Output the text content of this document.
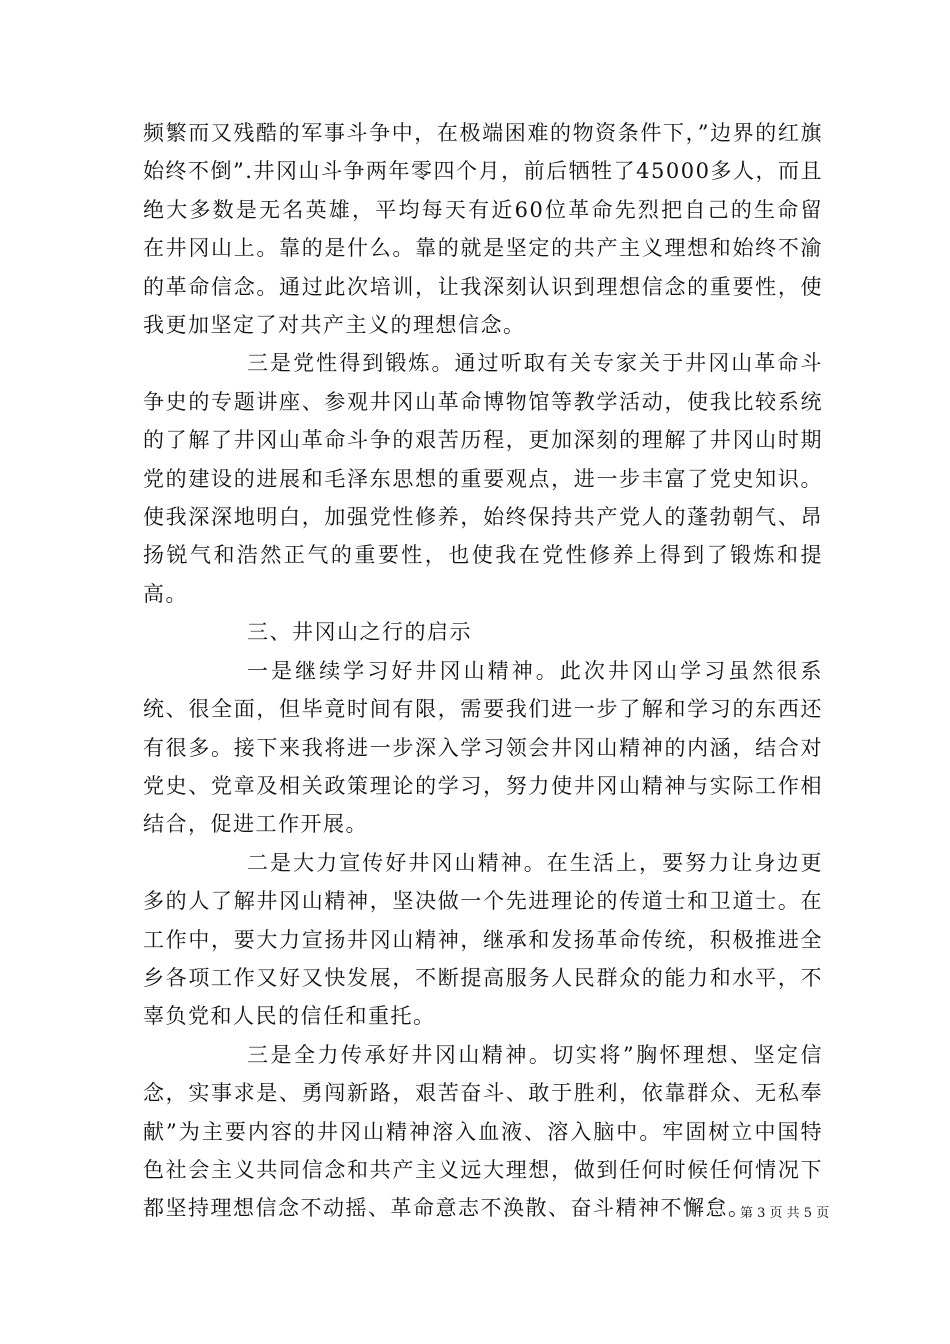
频繁而又残酷的军事斗争中，在极端困难的物资条件下，”边界的红旗始终不倒”.井冈山斗争两年零四个月，前后牺牲了45000多人，而且绝大多数是无名英雄，平均每天有近60位革命先烈把自己的生命留在井冈山上。靠的是什么。靠的就是坚定的共产主义理想和始终不渝的革命信念。通过此次培训，让我深刻认识到理想信念的重要性，使我更加坚定了对共产主义的理想信念。

三是党性得到锻炼。通过听取有关专家关于井冈山革命斗争史的专题讲座、参观井冈山革命博物馆等教学活动，使我比较系统的了解了井冈山革命斗争的艰苦历程，更加深刻的理解了井冈山时期党的建设的进展和毛泽东思想的重要观点，进一步丰富了党史知识。使我深深地明白，加强党性修养，始终保持共产党人的蓬勃朝气、昂扬锐气和浩然正气的重要性，也使我在党性修养上得到了锻炼和提高。

三、井冈山之行的启示

一是继续学习好井冈山精神。此次井冈山学习虽然很系统、很全面，但毕竟时间有限，需要我们进一步了解和学习的东西还有很多。接下来我将进一步深入学习领会井冈山精神的内涵，结合对党史、党章及相关政策理论的学习，努力使井冈山精神与实际工作相结合，促进工作开展。

二是大力宣传好井冈山精神。在生活上，要努力让身边更多的人了解井冈山精神，坚决做一个先进理论的传道士和卫道士。在工作中，要大力宣扬井冈山精神，继承和发扬革命传统，积极推进全乡各项工作又好又快发展，不断提高服务人民群众的能力和水平，不辜负党和人民的信任和重托。

三是全力传承好井冈山精神。切实将”胸怀理想、坚定信念，实事求是、勇闯新路，艰苦奋斗、敢于胜利，依靠群众、无私奉献”为主要内容的井冈山精神溶入血液、溶入脑中。牢固树立中国特色社会主义共同信念和共产主义远大理想，做到任何时候任何情况下都坚持理想信念不动摇、革命意志不涣散、奋斗精神不懈怠。

第 3 页 共 5 页
